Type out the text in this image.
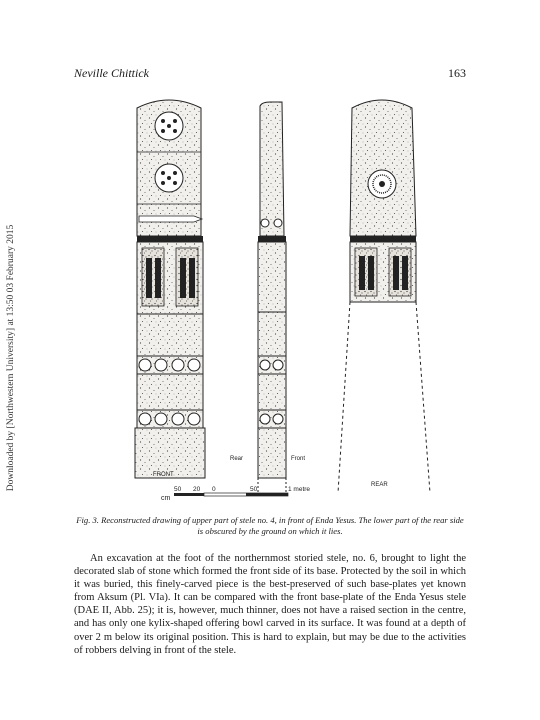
Downloaded by [Northwestern University] at 13:50 03 February 2015
Neville Chittick	163
FRONT
Rear	Front
REAR
cm
50 20 0	50	1 metre
Fig. 3. Reconstructed drawing of upper part of stele no. 4, in front of Enda Yesus. The lower part of the rear side is obscured by the ground on which it lies.

An excavation at the foot of the northernmost storied stele, no. 6, brought to light the decorated slab of stone which formed the front side of its base. Protected by the soil in which it was buried, this finely-carved piece is the best-preserved of such base-plates yet known from Aksum (Pl. VIa). It can be compared with the front base-plate of the Enda Yesus stele (DAE II, Abb. 25); it is, however, much thinner, does not have a raised section in the centre, and has only one kylix-shaped offering bowl carved in its surface. It was found at a depth of over 2 m below its original position. This is hard to explain, but may be due to the activities of robbers delving in front of the stele.
